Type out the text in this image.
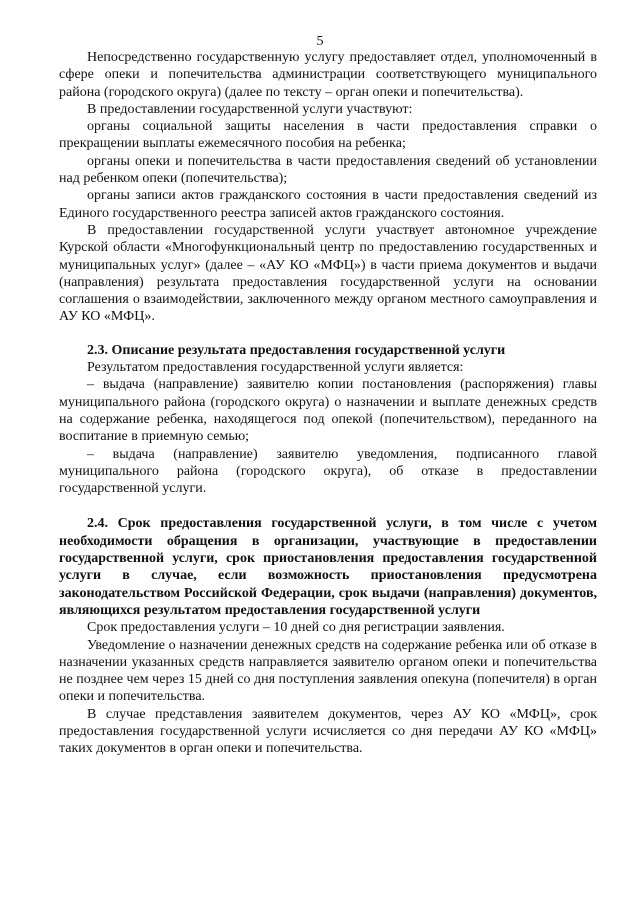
5

Непосредственно государственную услугу предоставляет отдел, уполномоченный в сфере опеки и попечительства администрации соответствующего муниципального района (городского округа) (далее по тексту – орган опеки и попечительства).

В предоставлении государственной услуги участвуют:

органы социальной защиты населения в части предоставления справки о прекращении выплаты ежемесячного пособия на ребенка;

органы опеки и попечительства в части предоставления сведений об установлении над ребенком опеки (попечительства);

органы записи актов гражданского состояния в части предоставления сведений из Единого государственного реестра записей актов гражданского состояния.

В предоставлении государственной услуги участвует автономное учреждение Курской области «Многофункциональный центр по предоставлению государственных и муниципальных услуг» (далее – «АУ КО «МФЦ») в части приема документов и выдачи (направления) результата предоставления государственной услуги на основании соглашения о взаимодействии, заключенного между органом местного самоуправления и АУ КО «МФЦ».

2.3. Описание результата предоставления государственной услуги

Результатом предоставления государственной услуги является:

– выдача (направление) заявителю копии постановления (распоряжения) главы муниципального района (городского округа) о назначении и выплате денежных средств на содержание ребенка, находящегося под опекой (попечительством), переданного на воспитание в приемную семью;

– выдача (направление) заявителю уведомления, подписанного главой муниципального района (городского округа), об отказе в предоставлении государственной услуги.

2.4. Срок предоставления государственной услуги, в том числе с учетом необходимости обращения в организации, участвующие в предоставлении государственной услуги, срок приостановления предоставления государственной услуги в случае, если возможность приостановления предусмотрена законодательством Российской Федерации, срок выдачи (направления) документов, являющихся результатом предоставления государственной услуги

Срок предоставления услуги – 10 дней со дня регистрации заявления.

Уведомление о назначении денежных средств на содержание ребенка или об отказе в назначении указанных средств направляется заявителю органом опеки и попечительства не позднее чем через 15 дней со дня поступления заявления опекуна (попечителя) в орган опеки и попечительства.

В случае представления заявителем документов, через АУ КО «МФЦ», срок предоставления государственной услуги исчисляется со дня передачи АУ КО «МФЦ» таких документов в орган опеки и попечительства.
